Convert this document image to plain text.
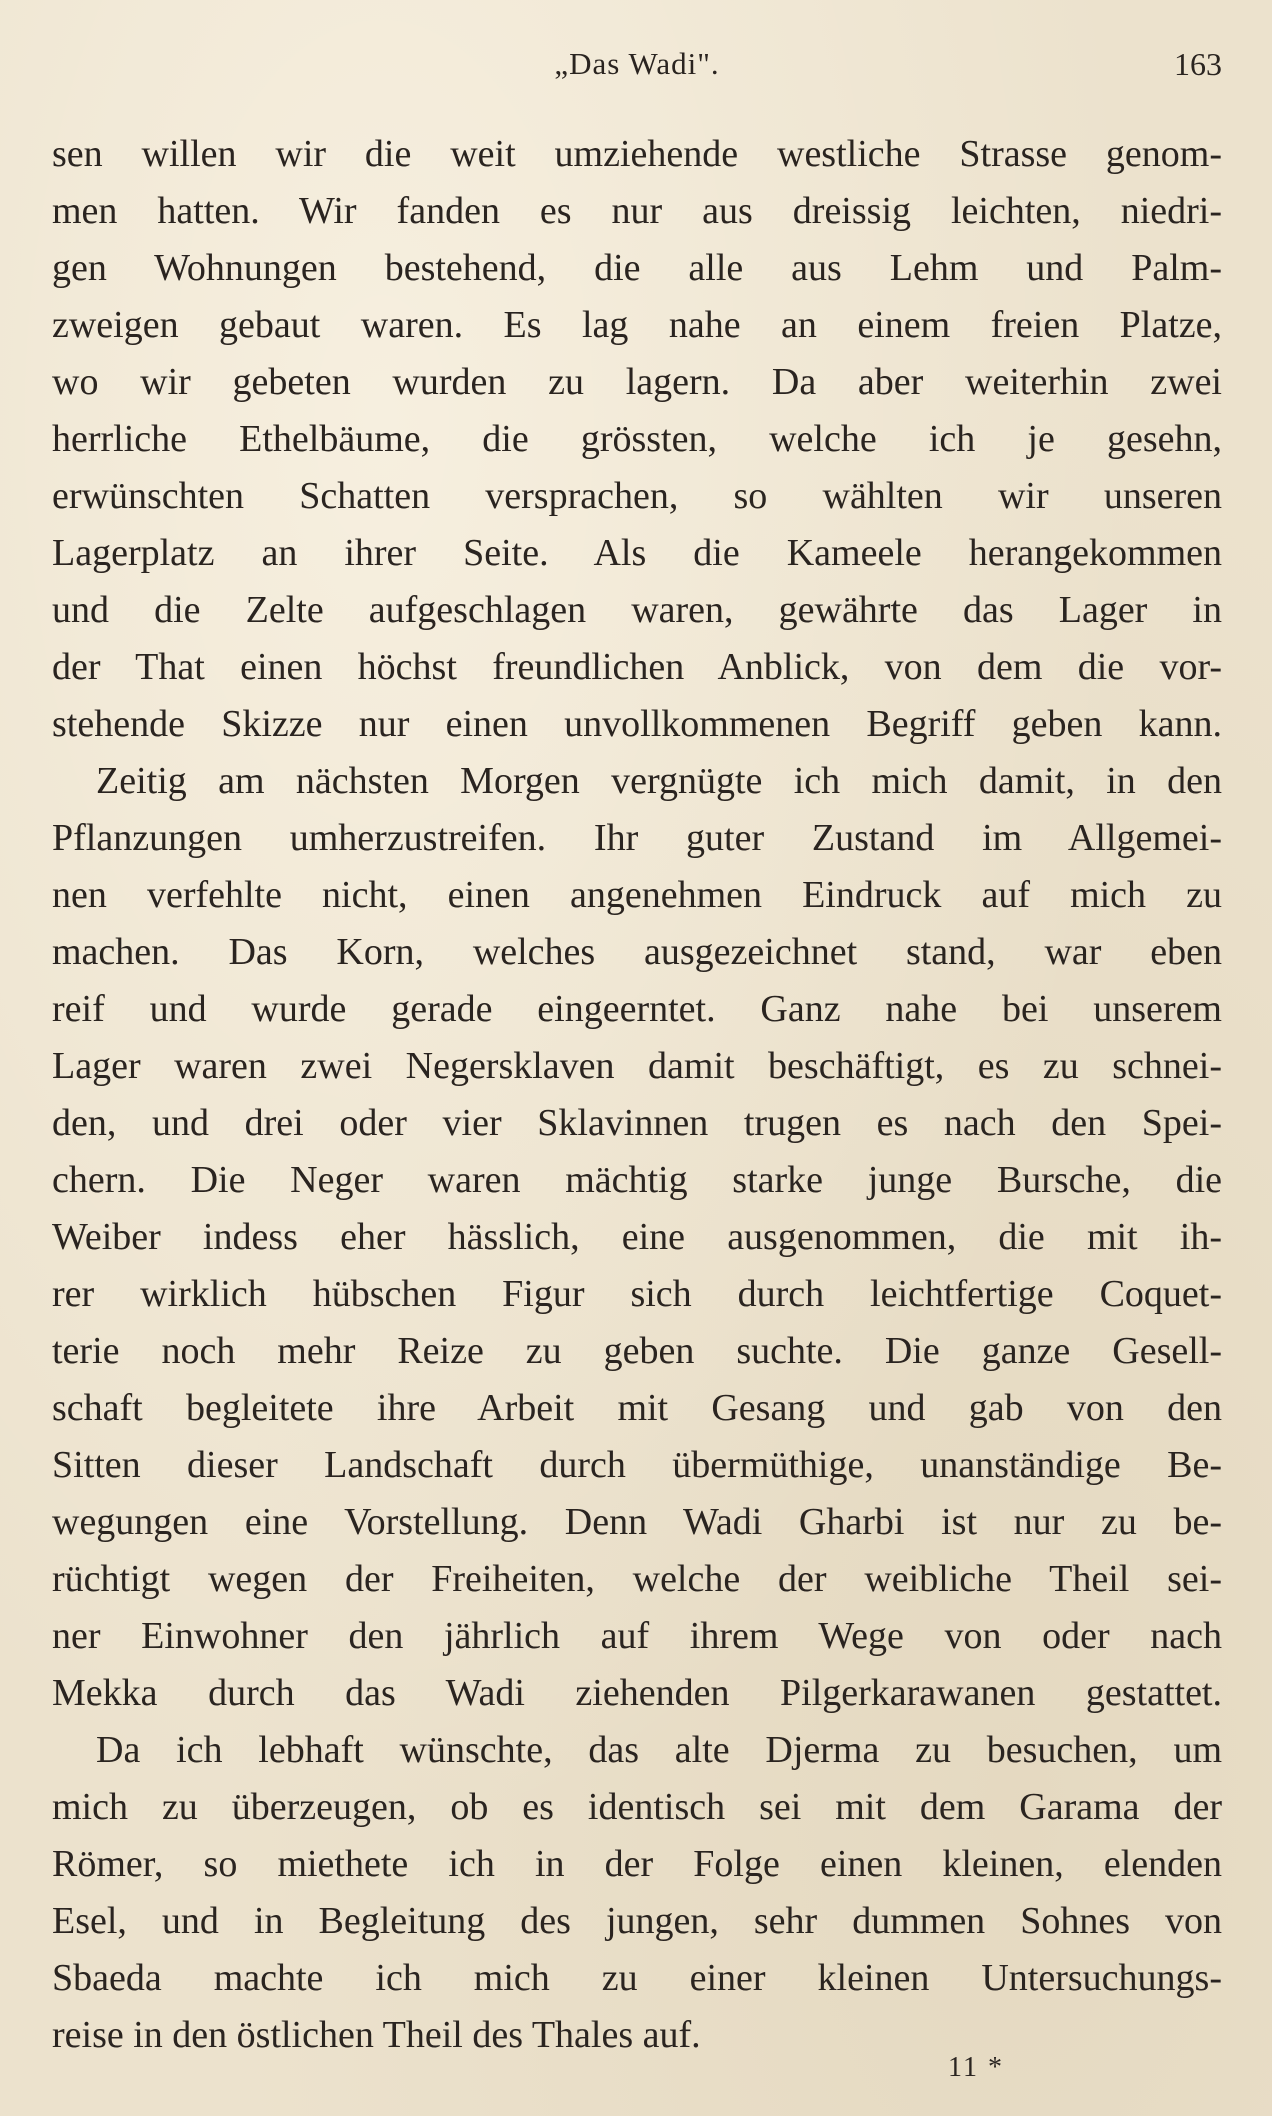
„Das Wadi".	163
sen willen wir die weit umziehende westliche Strasse genom-
men hatten. Wir fanden es nur aus dreissig leichten, niedri-
gen Wohnungen bestehend, die alle aus Lehm und Palm-
zweigen gebaut waren. Es lag nahe an einem freien Platze,
wo wir gebeten wurden zu lagern. Da aber weiterhin zwei
herrliche Ethelbäume, die grössten, welche ich je gesehn,
erwünschten Schatten versprachen, so wählten wir unseren
Lagerplatz an ihrer Seite. Als die Kameele herangekommen
und die Zelte aufgeschlagen waren, gewährte das Lager in
der That einen höchst freundlichen Anblick, von dem die vor-
stehende Skizze nur einen unvollkommenen Begriff geben kann.
Zeitig am nächsten Morgen vergnügte ich mich damit, in den
Pflanzungen umherzustreifen. Ihr guter Zustand im Allgemei-
nen verfehlte nicht, einen angenehmen Eindruck auf mich zu
machen. Das Korn, welches ausgezeichnet stand, war eben
reif und wurde gerade eingeerntet. Ganz nahe bei unserem
Lager waren zwei Negersklaven damit beschäftigt, es zu schnei-
den, und drei oder vier Sklavinnen trugen es nach den Spei-
chern. Die Neger waren mächtig starke junge Bursche, die
Weiber indess eher hässlich, eine ausgenommen, die mit ih-
rer wirklich hübschen Figur sich durch leichtfertige Coquet-
terie noch mehr Reize zu geben suchte. Die ganze Gesell-
schaft begleitete ihre Arbeit mit Gesang und gab von den
Sitten dieser Landschaft durch übermüthige, unanständige Be-
wegungen eine Vorstellung. Denn Wadi Gharbi ist nur zu be-
rüchtigt wegen der Freiheiten, welche der weibliche Theil sei-
ner Einwohner den jährlich auf ihrem Wege von oder nach
Mekka durch das Wadi ziehenden Pilgerkarawanen gestattet.
Da ich lebhaft wünschte, das alte Djerma zu besuchen, um
mich zu überzeugen, ob es identisch sei mit dem Garama der
Römer, so miethete ich in der Folge einen kleinen, elenden
Esel, und in Begleitung des jungen, sehr dummen Sohnes von
Sbaeda machte ich mich zu einer kleinen Untersuchungs-
reise in den östlichen Theil des Thales auf.
11 *
